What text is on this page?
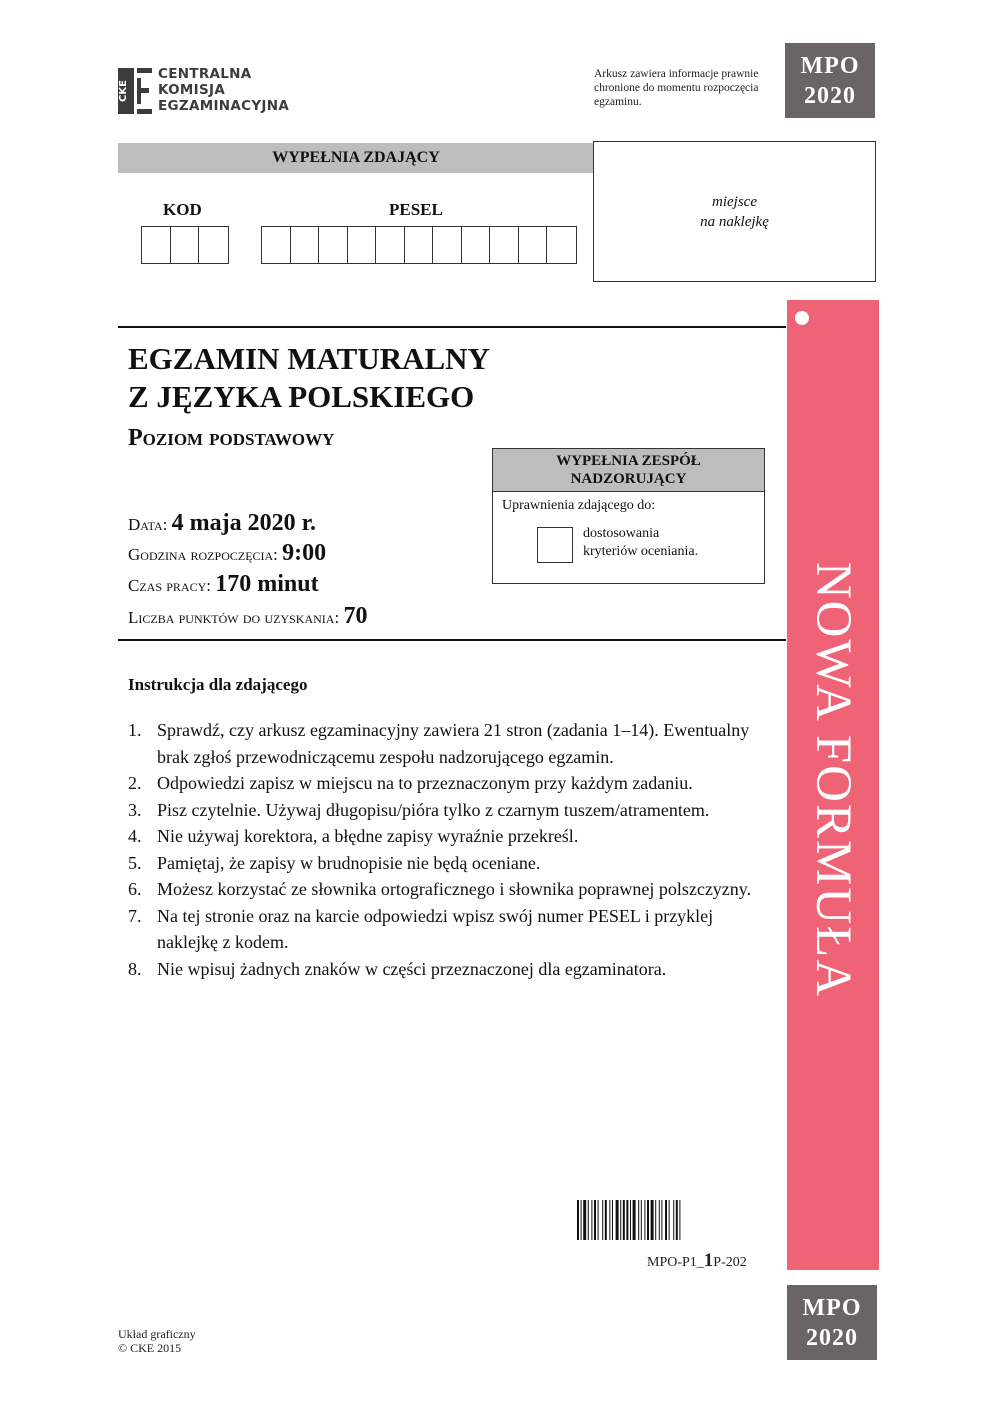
CKE
CENTRALNA
KOMISJA
EGZAMINACYJNA
Arkusz zawiera informacje prawnie chronione do momentu rozpoczęcia egzaminu.
MPO
2020
WYPEŁNIA ZDAJĄCY
miejsce
na naklejkę
KOD	PESEL
EGZAMIN MATURALNY
Z JĘZYKA POLSKIEGO
Poziom podstawowy
WYPEŁNIA ZESPÓŁ
NADZORUJĄCY
Uprawnienia zdającego do:
dostosowania
kryteriów oceniania.
Data: 4 maja 2020 r.
Godzina rozpoczęcia: 9:00
Czas pracy: 170 minut
Liczba punktów do uzyskania: 70
Instrukcja dla zdającego
1. Sprawdź, czy arkusz egzaminacyjny zawiera 21 stron (zadania 1–14). Ewentualny brak zgłoś przewodniczącemu zespołu nadzorującego egzamin.
2. Odpowiedzi zapisz w miejscu na to przeznaczonym przy każdym zadaniu.
3. Pisz czytelnie. Używaj długopisu/pióra tylko z czarnym tuszem/atramentem.
4. Nie używaj korektora, a błędne zapisy wyraźnie przekreśl.
5. Pamiętaj, że zapisy w brudnopisie nie będą oceniane.
6. Możesz korzystać ze słownika ortograficznego i słownika poprawnej polszczyzny.
7. Na tej stronie oraz na karcie odpowiedzi wpisz swój numer PESEL i przyklej naklejkę z kodem.
8. Nie wpisuj żadnych znaków w części przeznaczonej dla egzaminatora.	NOWA FORMUŁA
MPO-P1_1P-202
MPO
2020
Układ graficzny
© CKE 2015
